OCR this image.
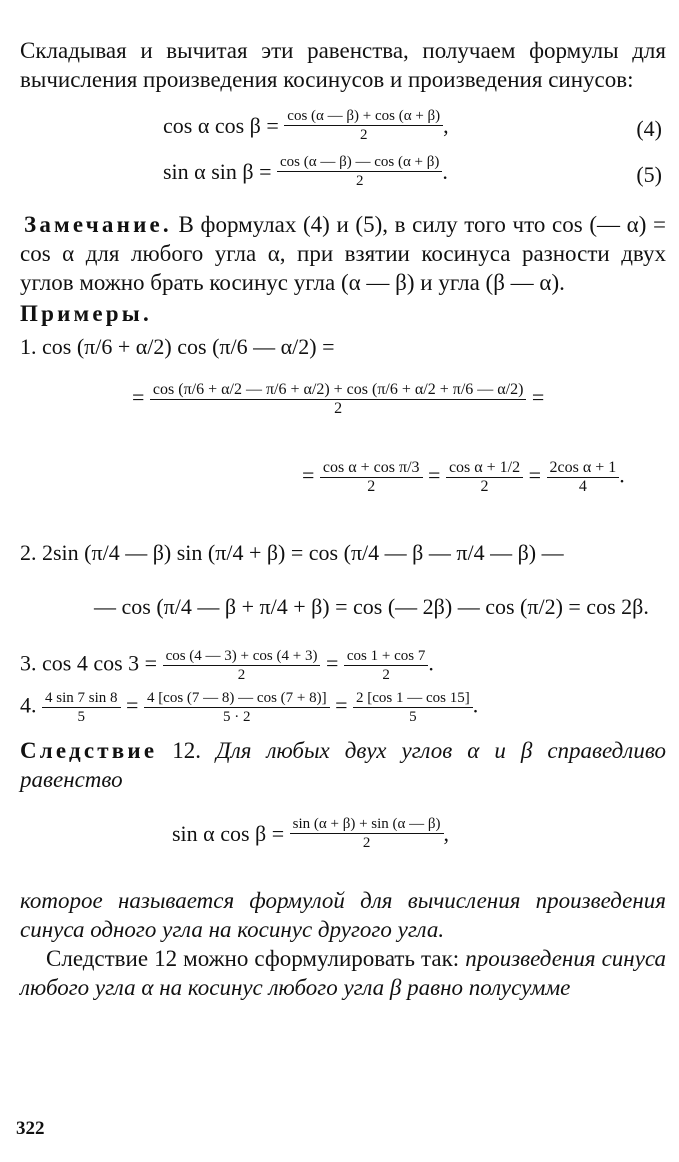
Складывая и вычитая эти равенства, получаем формулы для вычисления произведения косинусов и произведения синусов:

cos α $\cos \beta = \frac{\cos (\alpha — \beta) + \cos (\alpha + \beta)}{2}$ ,	(4)
sin α $\sin \beta = \frac{\cos (\alpha — \beta) — \cos (\alpha + \beta)}{2}$ .	(5)

Замечание. В формулах (4) и (5), в силу того что cos (— α) = cos α для любого угла α, при взятии косинуса разности двух углов можно брать косинус угла (α — β) и угла (β — α).

Примеры.

1. cos (π/6 + α/2) cos (π/6 — α/2) =
= $\frac{\cos (\pi/6 + \alpha/2 — \pi/6 + \alpha/2) + \cos (\pi/6 + \alpha/2 + \pi/6 — \alpha/2)}{2}$ =
= $\frac{\text{cos α + cos π/3}}{2} = \frac{\text{cos α + 1/2}}{2} = \frac{\text{2cos α + 1}}{4}$ .
2. 2sin (π/4 — β) sin (π/4 + β) = cos (π/4 — β — π/4 — β) —
— cos (π/4 — β + π/4 + β) = cos (— 2β) — cos (π/2) = cos 2β.
3. cos 4 $\cos 3 = \frac{\cos (4 — 3) + \cos (4 + 3)}{2} = \frac{\cos 1 + \cos 7}{2}$ .
4. $\frac{4 \sin 7 \sin 8}{5} = \frac{4 [\cos (7 — 8) — \cos (7 + 8)]}{5 \cdot 2} = \frac{2 [\cos 1 — \cos 15]}{5}$ .

Следствие 12. Для любых двух углов α и β справедливо равенство

sin α $\cos \beta = \frac{\sin (\alpha + \beta) + \sin (\alpha — \beta)}{2}$ ,

которое называется формулой для вычисления произведения синуса одного угла на косинус другого угла.

Следствие 12 можно сформулировать так: произведения синуса любого угла α на косинус любого угла β равно полусумме

322
